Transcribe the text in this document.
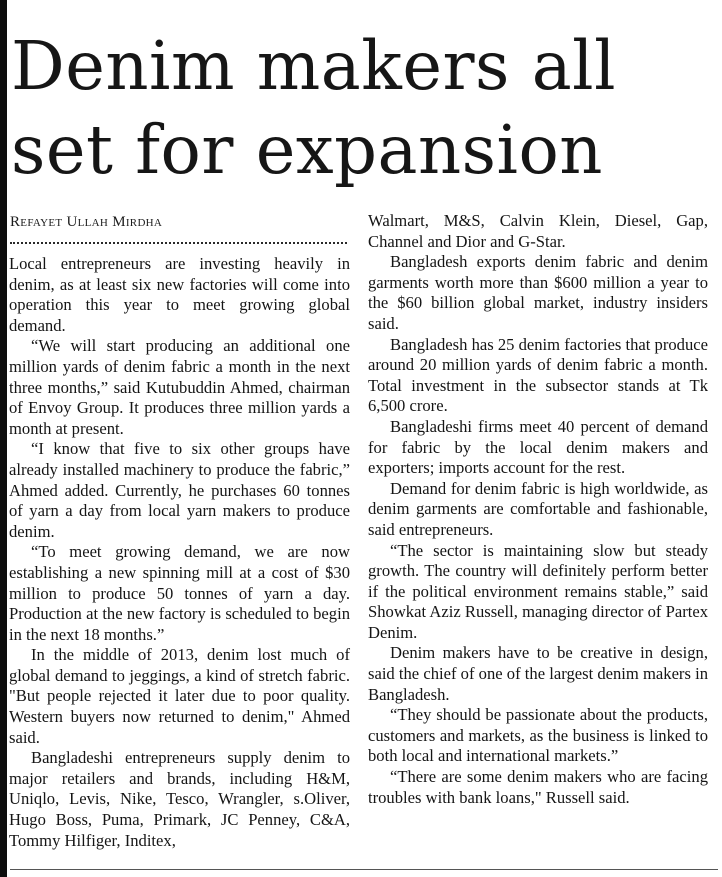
Denim makers all set for expansion
Refayet Ullah Mirdha

Local entrepreneurs are investing heavily in denim, as at least six new factories will come into operation this year to meet growing global demand.

“We will start producing an additional one million yards of denim fabric a month in the next three months,” said Kutubuddin Ahmed, chairman of Envoy Group. It produces three million yards a month at present.

“I know that five to six other groups have already installed machinery to produce the fabric,” Ahmed added. Currently, he purchases 60 tonnes of yarn a day from local yarn makers to produce denim.

“To meet growing demand, we are now establishing a new spinning mill at a cost of $30 million to produce 50 tonnes of yarn a day. Production at the new factory is scheduled to begin in the next 18 months.”

In the middle of 2013, denim lost much of global demand to jeggings, a kind of stretch fabric. "But people rejected it later due to poor quality. Western buyers now returned to denim," Ahmed said.

Bangladeshi entrepreneurs supply denim to major retailers and brands, including H&M, Uniqlo, Levis, Nike, Tesco, Wrangler, s.Oliver, Hugo Boss, Puma, Primark, JC Penney, C&A, Tommy Hilfiger, Inditex,

Walmart, M&S, Calvin Klein, Diesel, Gap, Channel and Dior and G-Star.

Bangladesh exports denim fabric and denim garments worth more than $600 million a year to the $60 billion global market, industry insiders said.

Bangladesh has 25 denim factories that produce around 20 million yards of denim fabric a month. Total investment in the subsector stands at Tk 6,500 crore.

Bangladeshi firms meet 40 percent of demand for fabric by the local denim makers and exporters; imports account for the rest.

Demand for denim fabric is high worldwide, as denim garments are comfortable and fashionable, said entrepreneurs.

“The sector is maintaining slow but steady growth. The country will definitely perform better if the political environment remains stable,” said Showkat Aziz Russell, managing director of Partex Denim.

Denim makers have to be creative in design, said the chief of one of the largest denim makers in Bangladesh.

“They should be passionate about the products, customers and markets, as the business is linked to both local and international markets.”

“There are some denim makers who are facing troubles with bank loans," Russell said.
